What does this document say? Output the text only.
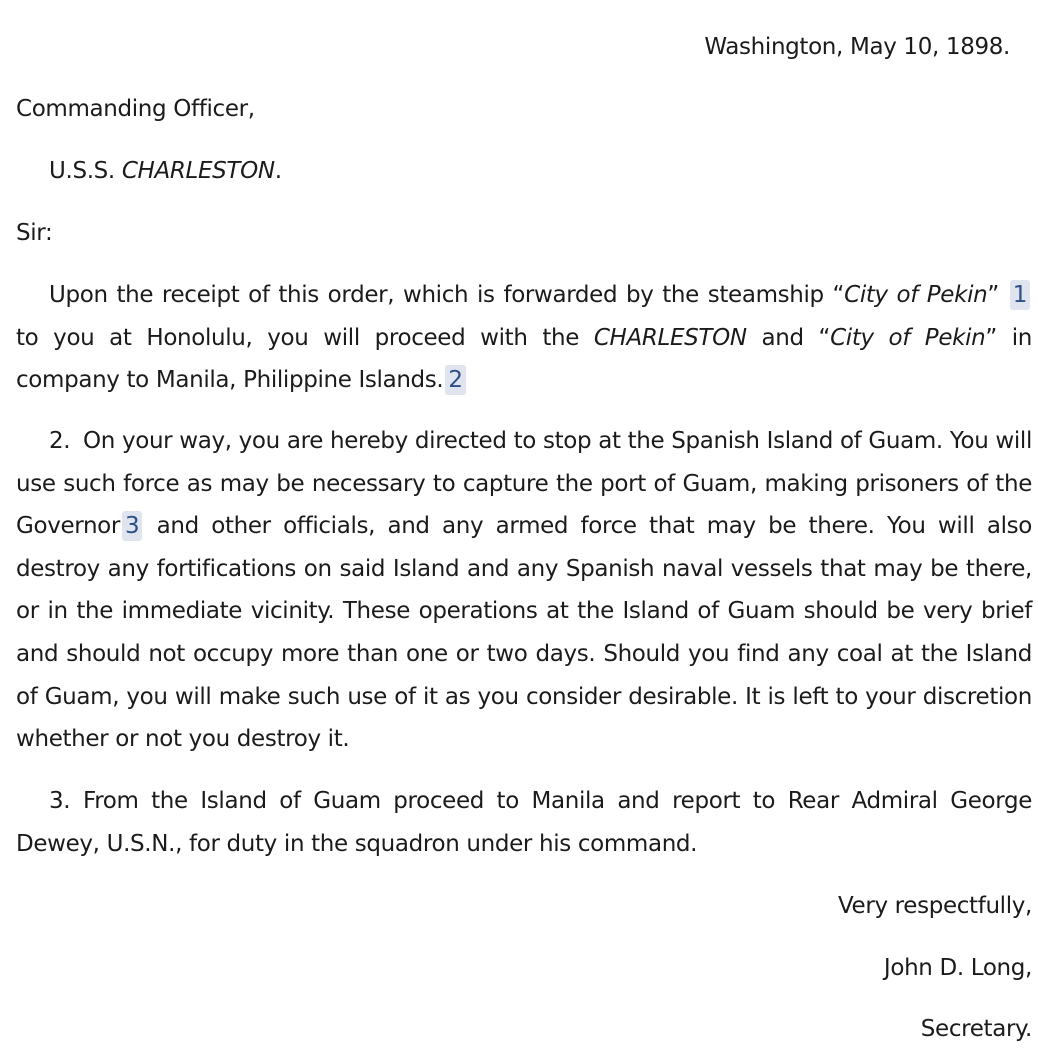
Washington, May 10, 1898.
Commanding Officer,
U.S.S. CHARLESTON.
Sir:
Upon the receipt of this order, which is forwarded by the steamship “City of Pekin” 1 to you at Honolulu, you will proceed with the CHARLESTON and “City of Pekin” in company to Manila, Philippine Islands. 2
2. On your way, you are hereby directed to stop at the Spanish Island of Guam. You will use such force as may be necessary to capture the port of Guam, making prisoners of the Governor 3 and other officials, and any armed force that may be there. You will also destroy any fortifications on said Island and any Spanish naval vessels that may be there, or in the immediate vicinity. These operations at the Island of Guam should be very brief and should not occupy more than one or two days. Should you find any coal at the Island of Guam, you will make such use of it as you consider desirable. It is left to your discretion whether or not you destroy it.
3. From the Island of Guam proceed to Manila and report to Rear Admiral George Dewey, U.S.N., for duty in the squadron under his command.
Very respectfully,
John D. Long,
Secretary.
